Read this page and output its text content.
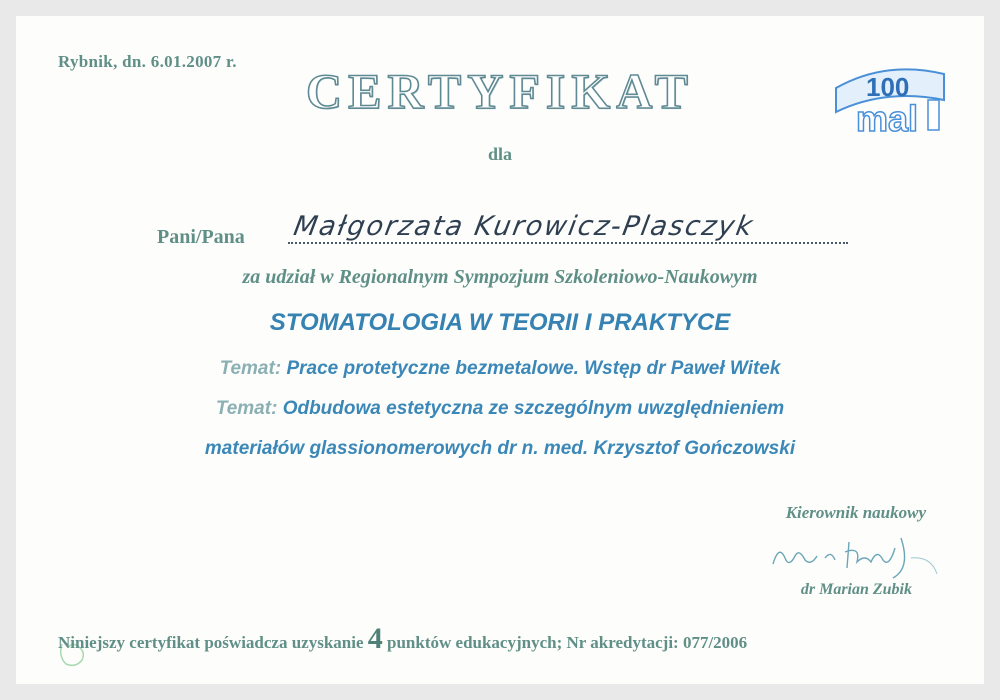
Rybnik, dn. 6.01.2007 r.
100
mal
CERTYFIKAT
dla
Pani/Pana Małgorzata Kurowicz-Plasczyk
za udział w Regionalnym Sympozjum Szkoleniowo-Naukowym
STOMATOLOGIA W TEORII I PRAKTYCE
Temat: Prace protetyczne bezmetalowe. Wstęp dr Paweł Witek
Temat: Odbudowa estetyczna ze szczególnym uwzględnieniem
materiałów glassionomerowych dr n. med. Krzysztof Gończowski
Kierownik naukowy
dr Marian Zubik
Niniejszy certyfikat poświadcza uzyskanie 4 punktów edukacyjnych; Nr akredytacji: 077/2006
